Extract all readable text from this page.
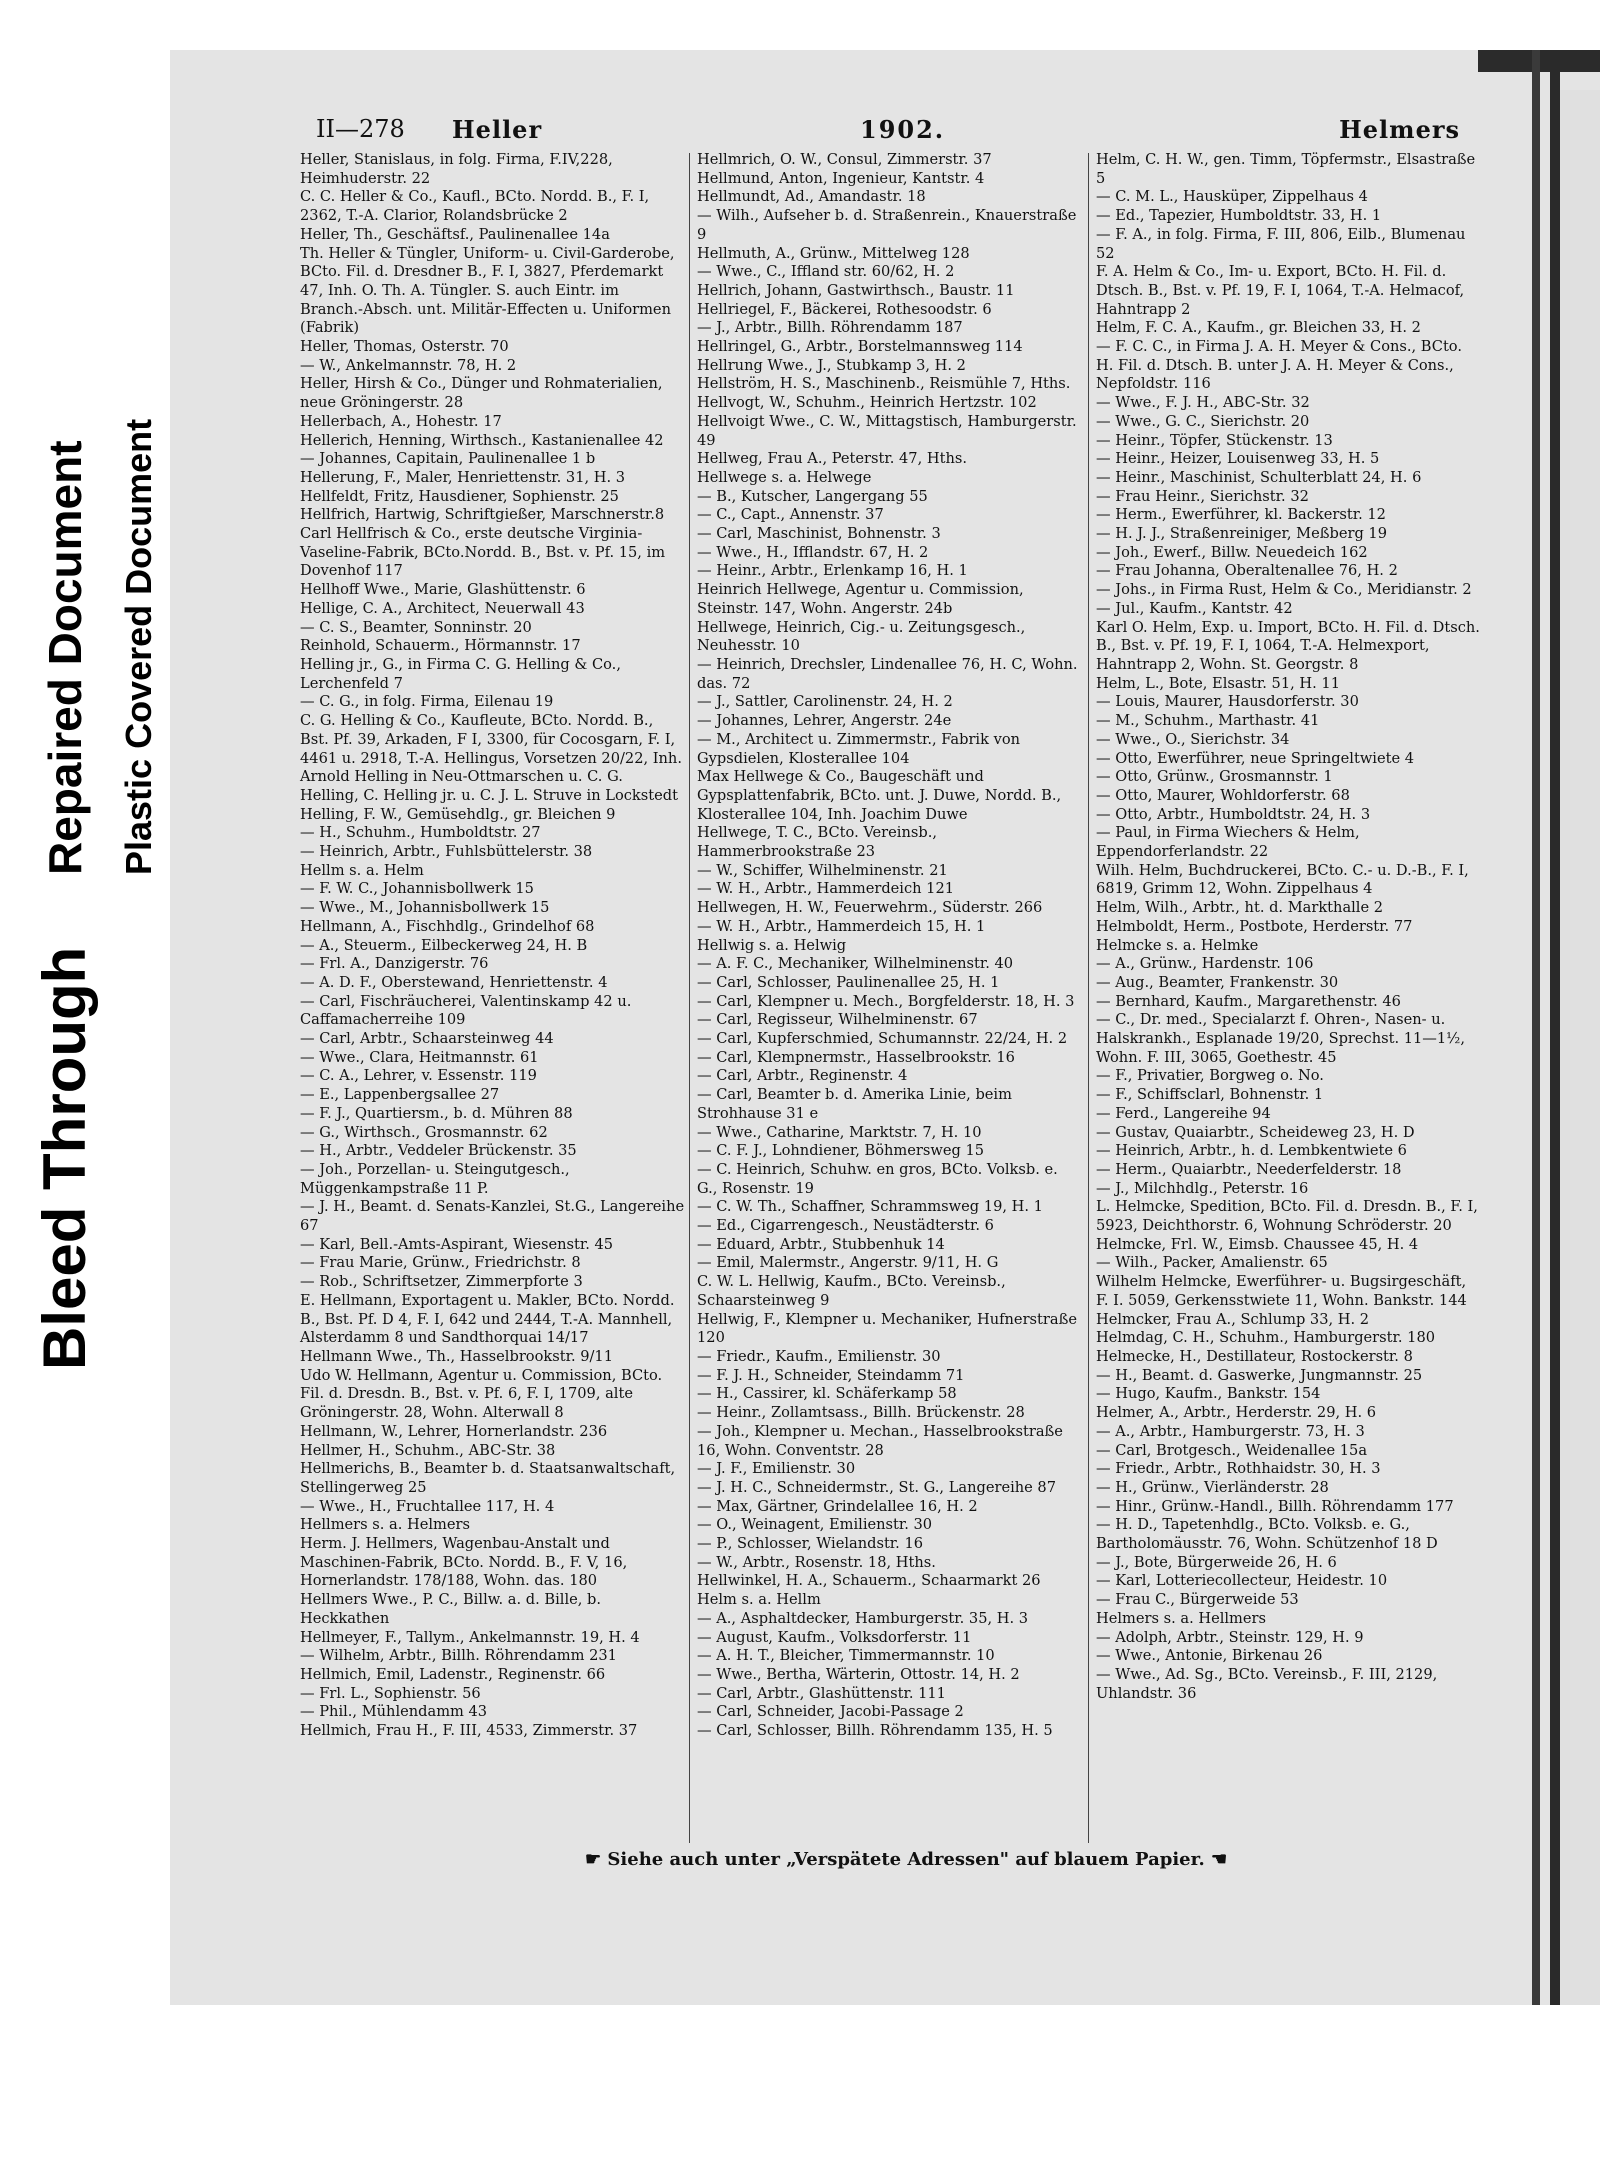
Bleed Through
Repaired Document Plastic Covered Document
II—278 Heller	1902.	Helmers

Heller, Stanislaus, in folg. Firma, F.IV,228, Heimhuderstr. 22

C. C. Heller & Co., Kaufl., BCto. Nordd. B., F. I, 2362, T.-A. Clarior, Rolandsbrücke 2

Heller, Th., Geschäftsf., Paulinenallee 14a

Th. Heller & Tüngler, Uniform- u. Civil-Garderobe, BCto. Fil. d. Dresdner B., F. I, 3827, Pferdemarkt 47, Inh. O. Th. A. Tüngler. S. auch Eintr. im Branch.-Absch. unt. Militär-Effecten u. Uniformen (Fabrik)

Heller, Thomas, Osterstr. 70

— W., Ankelmannstr. 78, H. 2

Heller, Hirsh & Co., Dünger und Rohmaterialien, neue Gröningerstr. 28

Hellerbach, A., Hohestr. 17

Hellerich, Henning, Wirthsch., Kastanienallee 42

— Johannes, Capitain, Paulinenallee 1 b

Hellerung, F., Maler, Henriettenstr. 31, H. 3

Hellfeldt, Fritz, Hausdiener, Sophienstr. 25

Hellfrich, Hartwig, Schriftgießer, Marschnerstr.8

Carl Hellfrisch & Co., erste deutsche Virginia-Vaseline-Fabrik, BCto.Nordd. B., Bst. v. Pf. 15, im Dovenhof 117

Hellhoff Wwe., Marie, Glashüttenstr. 6

Hellige, C. A., Architect, Neuerwall 43

— C. S., Beamter, Sonninstr. 20

Reinhold, Schauerm., Hörmannstr. 17

Helling jr., G., in Firma C. G. Helling & Co., Lerchenfeld 7

— C. G., in folg. Firma, Eilenau 19

C. G. Helling & Co., Kaufleute, BCto. Nordd. B., Bst. Pf. 39, Arkaden, F I, 3300, für Cocosgarn, F. I, 4461 u. 2918, T.-A. Hellingus, Vorsetzen 20/22, Inh. Arnold Helling in Neu-Ottmarschen u. C. G. Helling, C. Helling jr. u. C. J. L. Struve in Lockstedt

Helling, F. W., Gemüsehdlg., gr. Bleichen 9

— H., Schuhm., Humboldtstr. 27

— Heinrich, Arbtr., Fuhlsbüttelerstr. 38

Hellm s. a. Helm

— F. W. C., Johannisbollwerk 15

— Wwe., M., Johannisbollwerk 15

Hellmann, A., Fischhdlg., Grindelhof 68

— A., Steuerm., Eilbeckerweg 24, H. B

— Frl. A., Danzigerstr. 76

— A. D. F., Oberstewand, Henriettenstr. 4

— Carl, Fischräucherei, Valentinskamp 42 u. Caffamacherreihe 109

— Carl, Arbtr., Schaarsteinweg 44

— Wwe., Clara, Heitmannstr. 61

— C. A., Lehrer, v. Essenstr. 119

— E., Lappenbergsallee 27

— F. J., Quartiersm., b. d. Mühren 88

— G., Wirthsch., Grosmannstr. 62

— H., Arbtr., Veddeler Brückenstr. 35

— Joh., Porzellan- u. Steingutgesch., Müggenkampstraße 11 P.

— J. H., Beamt. d. Senats-Kanzlei, St.G., Langereihe 67

— Karl, Bell.-Amts-Aspirant, Wiesenstr. 45

— Frau Marie, Grünw., Friedrichstr. 8

— Rob., Schriftsetzer, Zimmerpforte 3

E. Hellmann, Exportagent u. Makler, BCto. Nordd. B., Bst. Pf. D 4, F. I, 642 und 2444, T.-A. Mannhell, Alsterdamm 8 und Sandthorquai 14/17

Hellmann Wwe., Th., Hasselbrookstr. 9/11

Udo W. Hellmann, Agentur u. Commission, BCto. Fil. d. Dresdn. B., Bst. v. Pf. 6, F. I, 1709, alte Gröningerstr. 28, Wohn. Alterwall 8

Hellmann, W., Lehrer, Hornerlandstr. 236

Hellmer, H., Schuhm., ABC-Str. 38

Hellmerichs, B., Beamter b. d. Staatsanwaltschaft, Stellingerweg 25

— Wwe., H., Fruchtallee 117, H. 4

Hellmers s. a. Helmers

Herm. J. Hellmers, Wagenbau-Anstalt und Maschinen-Fabrik, BCto. Nordd. B., F. V, 16, Hornerlandstr. 178/188, Wohn. das. 180

Hellmers Wwe., P. C., Billw. a. d. Bille, b. Heckkathen

Hellmeyer, F., Tallym., Ankelmannstr. 19, H. 4

— Wilhelm, Arbtr., Billh. Röhrendamm 231

Hellmich, Emil, Ladenstr., Reginenstr. 66

— Frl. L., Sophienstr. 56

— Phil., Mühlendamm 43

Hellmich, Frau H., F. III, 4533, Zimmerstr. 37

Hellmrich, O. W., Consul, Zimmerstr. 37

Hellmund, Anton, Ingenieur, Kantstr. 4

Hellmundt, Ad., Amandastr. 18

— Wilh., Aufseher b. d. Straßenrein., Knauerstraße 9

Hellmuth, A., Grünw., Mittelweg 128

— Wwe., C., Iffland str. 60/62, H. 2

Hellrich, Johann, Gastwirthsch., Baustr. 11

Hellriegel, F., Bäckerei, Rothesoodstr. 6

— J., Arbtr., Billh. Röhrendamm 187

Hellringel, G., Arbtr., Borstelmannsweg 114

Hellrung Wwe., J., Stubkamp 3, H. 2

Hellström, H. S., Maschinenb., Reismühle 7, Hths.

Hellvogt, W., Schuhm., Heinrich Hertzstr. 102

Hellvoigt Wwe., C. W., Mittagstisch, Hamburgerstr. 49

Hellweg, Frau A., Peterstr. 47, Hths.

Hellwege s. a. Helwege

— B., Kutscher, Langergang 55

— C., Capt., Annenstr. 37

— Carl, Maschinist, Bohnenstr. 3

— Wwe., H., Ifflandstr. 67, H. 2

— Heinr., Arbtr., Erlenkamp 16, H. 1

Heinrich Hellwege, Agentur u. Commission, Steinstr. 147, Wohn. Angerstr. 24b

Hellwege, Heinrich, Cig.- u. Zeitungsgesch., Neuhesstr. 10

— Heinrich, Drechsler, Lindenallee 76, H. C, Wohn. das. 72

— J., Sattler, Carolinenstr. 24, H. 2

— Johannes, Lehrer, Angerstr. 24e

— M., Architect u. Zimmermstr., Fabrik von Gypsdielen, Klosterallee 104

Max Hellwege & Co., Baugeschäft und Gypsplattenfabrik, BCto. unt. J. Duwe, Nordd. B., Klosterallee 104, Inh. Joachim Duwe

Hellwege, T. C., BCto. Vereinsb., Hammerbrookstraße 23

— W., Schiffer, Wilhelminenstr. 21

— W. H., Arbtr., Hammerdeich 121

Hellwegen, H. W., Feuerwehrm., Süderstr. 266

— W. H., Arbtr., Hammerdeich 15, H. 1

Hellwig s. a. Helwig

— A. F. C., Mechaniker, Wilhelminenstr. 40

— Carl, Schlosser, Paulinenallee 25, H. 1

— Carl, Klempner u. Mech., Borgfelderstr. 18, H. 3

— Carl, Regisseur, Wilhelminenstr. 67

— Carl, Kupferschmied, Schumannstr. 22/24, H. 2

— Carl, Klempnermstr., Hasselbrookstr. 16

— Carl, Arbtr., Reginenstr. 4

— Carl, Beamter b. d. Amerika Linie, beim Strohhause 31 e

— Wwe., Catharine, Marktstr. 7, H. 10

— C. F. J., Lohndiener, Böhmersweg 15

— C. Heinrich, Schuhw. en gros, BCto. Volksb. e. G., Rosenstr. 19

— C. W. Th., Schaffner, Schrammsweg 19, H. 1

— Ed., Cigarrengesch., Neustädterstr. 6

— Eduard, Arbtr., Stubbenhuk 14

— Emil, Malermstr., Angerstr. 9/11, H. G

C. W. L. Hellwig, Kaufm., BCto. Vereinsb., Schaarsteinweg 9

Hellwig, F., Klempner u. Mechaniker, Hufnerstraße 120

— Friedr., Kaufm., Emilienstr. 30

— F. J. H., Schneider, Steindamm 71

— H., Cassirer, kl. Schäferkamp 58

— Heinr., Zollamtsass., Billh. Brückenstr. 28

— Joh., Klempner u. Mechan., Hasselbrookstraße 16, Wohn. Conventstr. 28

— J. F., Emilienstr. 30

— J. H. C., Schneidermstr., St. G., Langereihe 87

— Max, Gärtner, Grindelallee 16, H. 2

— O., Weinagent, Emilienstr. 30

— P., Schlosser, Wielandstr. 16

— W., Arbtr., Rosenstr. 18, Hths.

Hellwinkel, H. A., Schauerm., Schaarmarkt 26

Helm s. a. Hellm

— A., Asphaltdecker, Hamburgerstr. 35, H. 3

— August, Kaufm., Volksdorferstr. 11

— A. H. T., Bleicher, Timmermannstr. 10

— Wwe., Bertha, Wärterin, Ottostr. 14, H. 2

— Carl, Arbtr., Glashüttenstr. 111

— Carl, Schneider, Jacobi-Passage 2

— Carl, Schlosser, Billh. Röhrendamm 135, H. 5

Helm, C. H. W., gen. Timm, Töpfermstr., Elsastraße 5

— C. M. L., Hausküper, Zippelhaus 4

— Ed., Tapezier, Humboldtstr. 33, H. 1

— F. A., in folg. Firma, F. III, 806, Eilb., Blumenau 52

F. A. Helm & Co., Im- u. Export, BCto. H. Fil. d. Dtsch. B., Bst. v. Pf. 19, F. I, 1064, T.-A. Helmacof, Hahntrapp 2

Helm, F. C. A., Kaufm., gr. Bleichen 33, H. 2

— F. C. C., in Firma J. A. H. Meyer & Cons., BCto. H. Fil. d. Dtsch. B. unter J. A. H. Meyer & Cons., Nepfoldstr. 116

— Wwe., F. J. H., ABC-Str. 32

— Wwe., G. C., Sierichstr. 20

— Heinr., Töpfer, Stückenstr. 13

— Heinr., Heizer, Louisenweg 33, H. 5

— Heinr., Maschinist, Schulterblatt 24, H. 6

— Frau Heinr., Sierichstr. 32

— Herm., Ewerführer, kl. Backerstr. 12

— H. J. J., Straßenreiniger, Meßberg 19

— Joh., Ewerf., Billw. Neuedeich 162

— Frau Johanna, Oberaltenallee 76, H. 2

— Johs., in Firma Rust, Helm & Co., Meridianstr. 2

— Jul., Kaufm., Kantstr. 42

Karl O. Helm, Exp. u. Import, BCto. H. Fil. d. Dtsch. B., Bst. v. Pf. 19, F. I, 1064, T.-A. Helmexport, Hahntrapp 2, Wohn. St. Georgstr. 8

Helm, L., Bote, Elsastr. 51, H. 11

— Louis, Maurer, Hausdorferstr. 30

— M., Schuhm., Marthastr. 41

— Wwe., O., Sierichstr. 34

— Otto, Ewerführer, neue Springeltwiete 4

— Otto, Grünw., Grosmannstr. 1

— Otto, Maurer, Wohldorferstr. 68

— Otto, Arbtr., Humboldtstr. 24, H. 3

— Paul, in Firma Wiechers & Helm, Eppendorferlandstr. 22

Wilh. Helm, Buchdruckerei, BCto. C.- u. D.-B., F. I, 6819, Grimm 12, Wohn. Zippelhaus 4

Helm, Wilh., Arbtr., ht. d. Markthalle 2

Helmboldt, Herm., Postbote, Herderstr. 77

Helmcke s. a. Helmke

— A., Grünw., Hardenstr. 106

— Aug., Beamter, Frankenstr. 30

— Bernhard, Kaufm., Margarethenstr. 46

— C., Dr. med., Specialarzt f. Ohren-, Nasen- u. Halskrankh., Esplanade 19/20, Sprechst. 11—1½, Wohn. F. III, 3065, Goethestr. 45

— F., Privatier, Borgweg o. No.

— F., Schiffsclarl, Bohnenstr. 1

— Ferd., Langereihe 94

— Gustav, Quaiarbtr., Scheideweg 23, H. D

— Heinrich, Arbtr., h. d. Lembkentwiete 6

— Herm., Quaiarbtr., Neederfelderstr. 18

— J., Milchhdlg., Peterstr. 16

L. Helmcke, Spedition, BCto. Fil. d. Dresdn. B., F. I, 5923, Deichthorstr. 6, Wohnung Schröderstr. 20

Helmcke, Frl. W., Eimsb. Chaussee 45, H. 4

— Wilh., Packer, Amalienstr. 65

Wilhelm Helmcke, Ewerführer- u. Bugsirgeschäft, F. I. 5059, Gerkensstwiete 11, Wohn. Bankstr. 144

Helmcker, Frau A., Schlump 33, H. 2

Helmdag, C. H., Schuhm., Hamburgerstr. 180

Helmecke, H., Destillateur, Rostockerstr. 8

— H., Beamt. d. Gaswerke, Jungmannstr. 25

— Hugo, Kaufm., Bankstr. 154

Helmer, A., Arbtr., Herderstr. 29, H. 6

— A., Arbtr., Hamburgerstr. 73, H. 3

— Carl, Brotgesch., Weidenallee 15a

— Friedr., Arbtr., Rothhaidstr. 30, H. 3

— H., Grünw., Vierländerstr. 28

— Hinr., Grünw.-Handl., Billh. Röhrendamm 177

— H. D., Tapetenhdlg., BCto. Volksb. e. G., Bartholomäusstr. 76, Wohn. Schützenhof 18 D

— J., Bote, Bürgerweide 26, H. 6

— Karl, Lotteriecollecteur, Heidestr. 10

— Frau C., Bürgerweide 53

Helmers s. a. Hellmers

— Adolph, Arbtr., Steinstr. 129, H. 9

— Wwe., Antonie, Birkenau 26

— Wwe., Ad. Sg., BCto. Vereinsb., F. III, 2129, Uhlandstr. 36

☛ Siehe auch unter „Verspätete Adressen" auf blauem Papier. ☚
